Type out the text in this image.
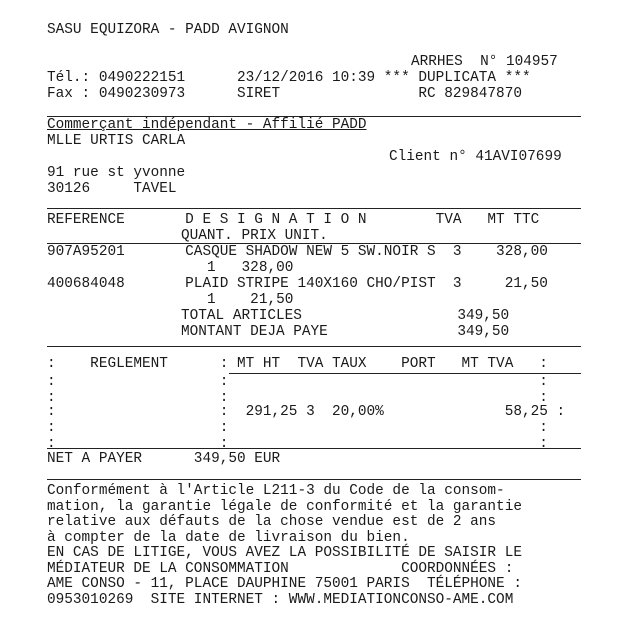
SASU EQUIZORA - PADD AVIGNON
ARRHES  N° 104957
Tél.: 0490222151      23/12/2016 10:39 *** DUPLICATA ***
Fax : 0490230973      SIRET                RC 829847870
Commerçant indépendant - Affilié PADD
MLLE URTIS CARLA
Client n° 41AVI07699
91 rue st yvonne
30126     TAVEL
REFERENCE       D E S I G N A T I O N        TVA   MT TTC
QUANT. PRIX UNIT.
907A95201       CASQUE SHADOW NEW 5 SW.NOIR S  3    328,00
1   328,00
400684048       PLAID STRIPE 140X160 CHO/PIST  3     21,50
1    21,50
TOTAL ARTICLES                  349,50
MONTANT DEJA PAYE               349,50
:    REGLEMENT      : MT HT  TVA TAUX    PORT   MT TVA   :
:                   :                                    :
:                   :                                    :
:                   :  291,25 3  20,00%              58,25 :
:                   :                                    :
:                   :                                    :
NET A PAYER      349,50 EUR
Conformément à l'Article L211-3 du Code de la consom-
mation, la garantie légale de conformité et la garantie
relative aux défauts de la chose vendue est de 2 ans
à compter de la date de livraison du bien.
EN CAS DE LITIGE, VOUS AVEZ LA POSSIBILITÉ DE SAISIR LE
MÉDIATEUR DE LA CONSOMMATION             COORDONNÉES :
AME CONSO - 11, PLACE DAUPHINE 75001 PARIS  TÉLÉPHONE :
0953010269  SITE INTERNET : WWW.MEDIATIONCONSO-AME.COM
